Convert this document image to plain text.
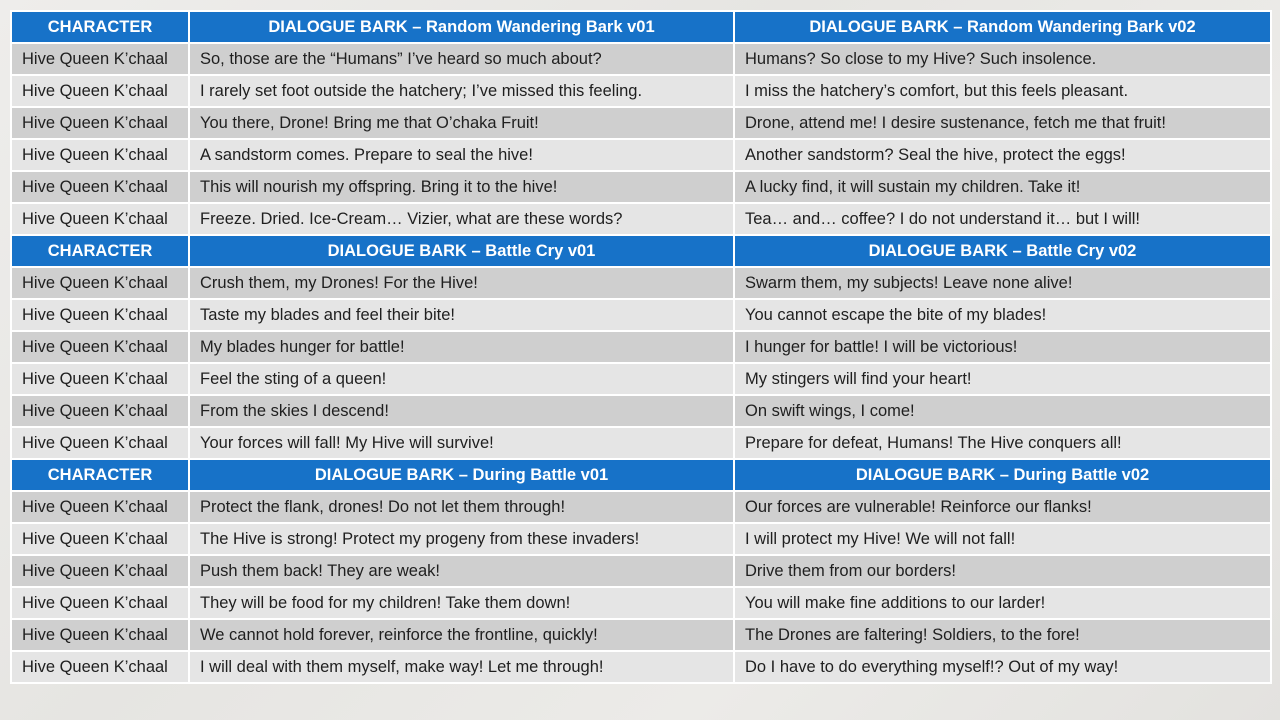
CHARACTER	DIALOGUE BARK – Random Wandering Bark v01	DIALOGUE BARK – Random Wandering Bark v02
Hive Queen K’chaal	So, those are the “Humans” I’ve heard so much about?	Humans? So close to my Hive? Such insolence.
Hive Queen K’chaal	I rarely set foot outside the hatchery; I’ve missed this feeling.	I miss the hatchery’s comfort, but this feels pleasant.
Hive Queen K’chaal	You there, Drone! Bring me that O’chaka Fruit!	Drone, attend me! I desire sustenance, fetch me that fruit!
Hive Queen K’chaal	A sandstorm comes. Prepare to seal the hive!	Another sandstorm? Seal the hive, protect the eggs!
Hive Queen K’chaal	This will nourish my offspring. Bring it to the hive!	A lucky find, it will sustain my children. Take it!
Hive Queen K’chaal	Freeze. Dried. Ice-Cream… Vizier, what are these words?	Tea… and… coffee? I do not understand it… but I will!
CHARACTER	DIALOGUE BARK – Battle Cry v01	DIALOGUE BARK – Battle Cry v02
Hive Queen K’chaal	Crush them, my Drones! For the Hive!	Swarm them, my subjects! Leave none alive!
Hive Queen K’chaal	Taste my blades and feel their bite!	You cannot escape the bite of my blades!
Hive Queen K’chaal	My blades hunger for battle!	I hunger for battle! I will be victorious!
Hive Queen K’chaal	Feel the sting of a queen!	My stingers will find your heart!
Hive Queen K’chaal	From the skies I descend!	On swift wings, I come!
Hive Queen K’chaal	Your forces will fall! My Hive will survive!	Prepare for defeat, Humans! The Hive conquers all!
CHARACTER	DIALOGUE BARK – During Battle v01	DIALOGUE BARK – During Battle v02
Hive Queen K’chaal	Protect the flank, drones! Do not let them through!	Our forces are vulnerable! Reinforce our flanks!
Hive Queen K’chaal	The Hive is strong! Protect my progeny from these invaders!	I will protect my Hive! We will not fall!
Hive Queen K’chaal	Push them back! They are weak!	Drive them from our borders!
Hive Queen K’chaal	They will be food for my children! Take them down!	You will make fine additions to our larder!
Hive Queen K’chaal	We cannot hold forever, reinforce the frontline, quickly!	The Drones are faltering! Soldiers, to the fore!
Hive Queen K’chaal	I will deal with them myself, make way! Let me through!	Do I have to do everything myself!? Out of my way!
